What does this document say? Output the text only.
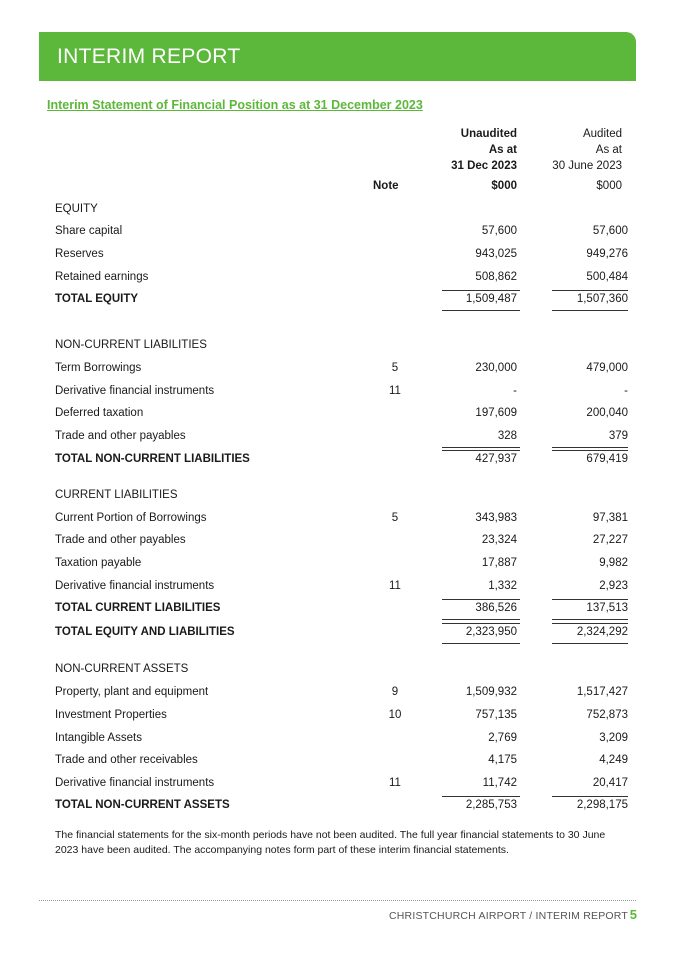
INTERIM REPORT
Interim Statement of Financial Position as at 31 December 2023
Unaudited
As at
31 Dec 2023
Audited
As at
30 June 2023
Note	$000	$000
EQUITY
Share capital	57,600	57,600
Reserves	943,025	949,276
Retained earnings	508,862	500,484
TOTAL EQUITY	1,509,487	1,507,360
NON-CURRENT LIABILITIES
Term Borrowings	5	230,000	479,000
Derivative financial instruments	11	-	-
Deferred taxation	197,609	200,040
Trade and other payables	328	379
TOTAL NON-CURRENT LIABILITIES	427,937	679,419
CURRENT LIABILITIES
Current Portion of Borrowings	5	343,983	97,381
Trade and other payables	23,324	27,227
Taxation payable	17,887	9,982
Derivative financial instruments	11	1,332	2,923
TOTAL CURRENT LIABILITIES	386,526	137,513
TOTAL EQUITY AND LIABILITIES	2,323,950	2,324,292
NON-CURRENT ASSETS
Property, plant and equipment	9	1,509,932	1,517,427
Investment Properties	10	757,135	752,873
Intangible Assets	2,769	3,209
Trade and other receivables	4,175	4,249
Derivative financial instruments	11	11,742	20,417
TOTAL NON-CURRENT ASSETS	2,285,753	2,298,175
The financial statements for the six-month periods have not been audited. The full year financial statements to 30 June 2023 have been audited. The accompanying notes form part of these interim financial statements.
CHRISTCHURCH AIRPORT / INTERIM REPORT 5
